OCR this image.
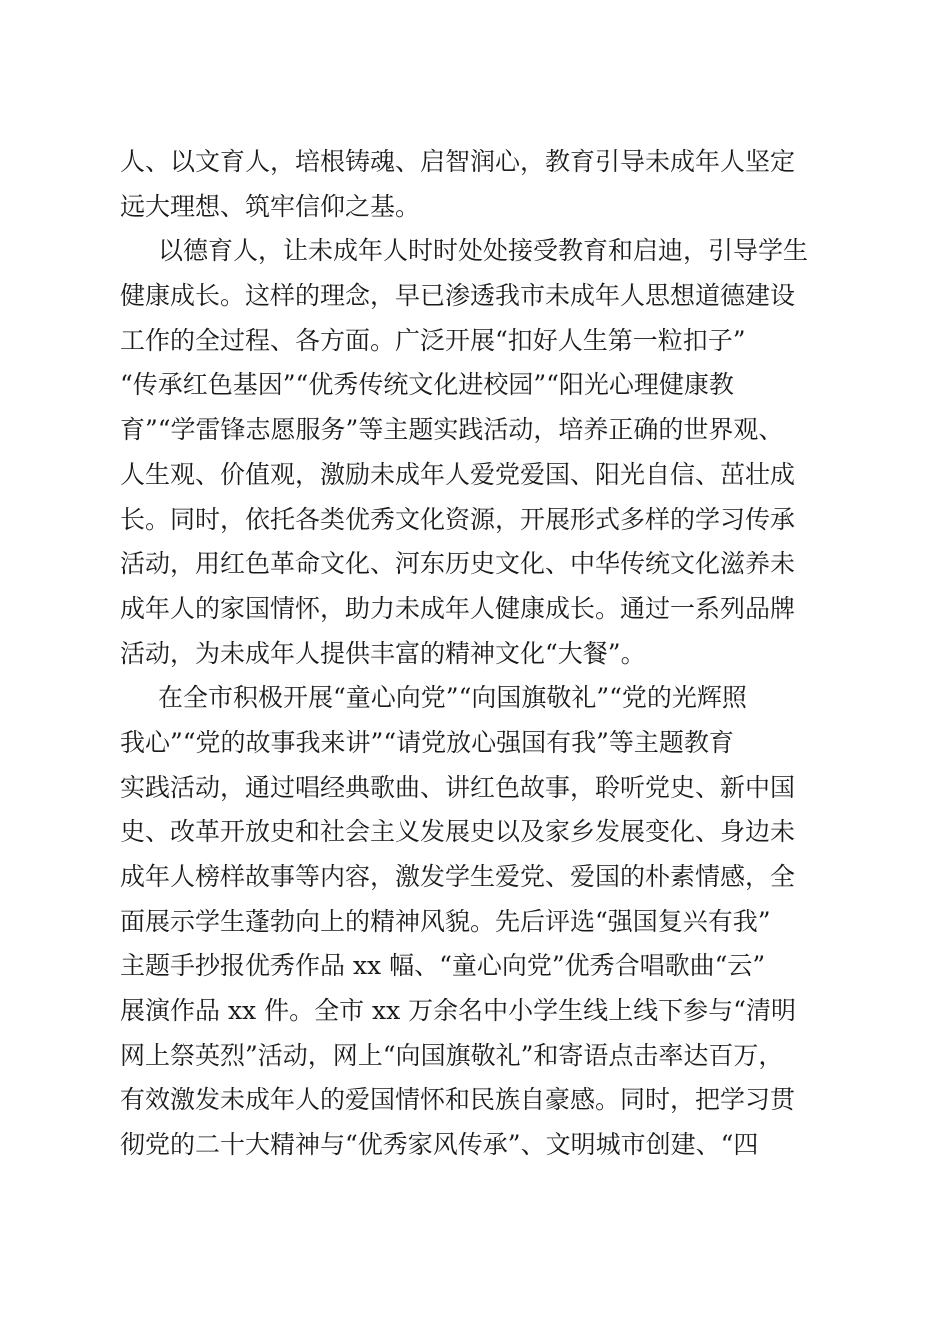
人、以文育人，培根铸魂、启智润心，教育引导未成年人坚定
远大理想、筑牢信仰之基。
以德育人，让未成年人时时处处接受教育和启迪，引导学生
健康成长。这样的理念，早已渗透我市未成年人思想道德建设
工作的全过程、各方面。广泛开展“扣好人生第一粒扣子”
“传承红色基因”“优秀传统文化进校园”“阳光心理健康教
育”“学雷锋志愿服务”等主题实践活动，培养正确的世界观、
人生观、价值观，激励未成年人爱党爱国、阳光自信、茁壮成
长。同时，依托各类优秀文化资源，开展形式多样的学习传承
活动，用红色革命文化、河东历史文化、中华传统文化滋养未
成年人的家国情怀，助力未成年人健康成长。通过一系列品牌
活动，为未成年人提供丰富的精神文化“大餐”。
在全市积极开展“童心向党”“向国旗敬礼”“党的光辉照
我心”“党的故事我来讲”“请党放心强国有我”等主题教育
实践活动，通过唱经典歌曲、讲红色故事，聆听党史、新中国
史、改革开放史和社会主义发展史以及家乡发展变化、身边未
成年人榜样故事等内容，激发学生爱党、爱国的朴素情感，全
面展示学生蓬勃向上的精神风貌。先后评选“强国复兴有我”
主题手抄报优秀作品 xx 幅、“童心向党”优秀合唱歌曲“云”
展演作品 xx 件。全市 xx 万余名中小学生线上线下参与“清明
网上祭英烈”活动，网上“向国旗敬礼”和寄语点击率达百万，
有效激发未成年人的爱国情怀和民族自豪感。同时，把学习贯
彻党的二十大精神与“优秀家风传承”、文明城市创建、“四
